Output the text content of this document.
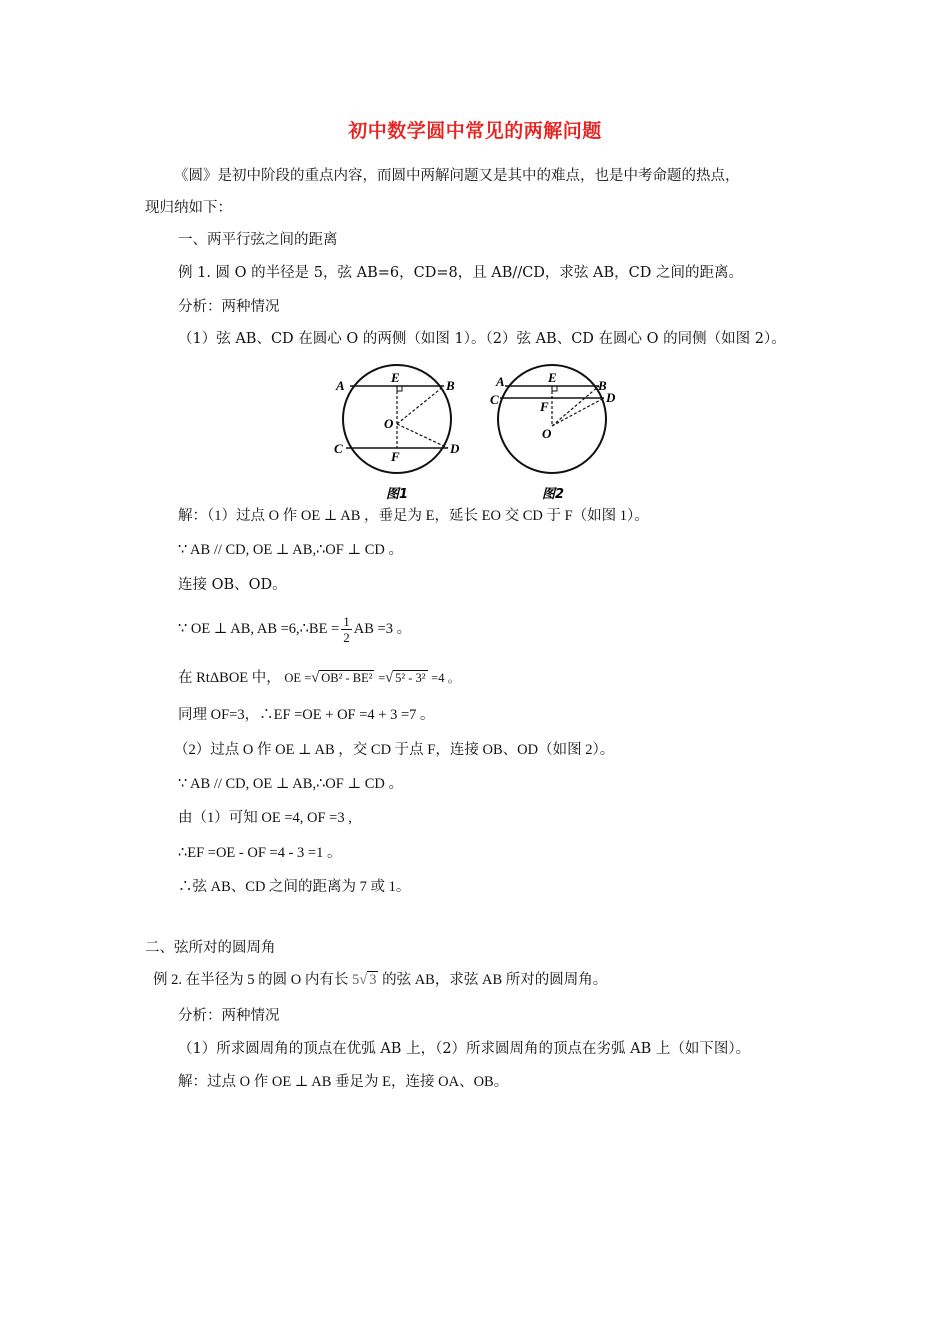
初中数学圆中常见的两解问题
《圆》是初中阶段的重点内容，而圆中两解问题又是其中的难点，也是中考命题的热点，
现归纳如下：
一、两平行弦之间的距离
例 1. 圆 O 的半径是 5，弦 AB=6，CD=8，且 AB//CD，求弦 AB，CD 之间的距离。
分析：两种情况
（1）弦 AB、CD 在圆心 O 的两侧（如图 1）。（2）弦 AB、CD 在圆心 O 的同侧（如图 2）。
A	B
C	D
E
F
O
图1
A	B
C	D
E
F
O
图2
解：（1）过点 O 作 OE ⊥ AB ，垂足为 E，延长 EO 交 CD 于 F（如图 1）。
∵ AB // CD, OE ⊥ AB,∴OF ⊥ CD 。
连接 OB、OD。
∵ OE ⊥ AB, AB =6,∴BE = $\frac{1}{2}$ AB =3 。
在 RtΔBOE 中， OE =√ OB² - BE² =√ 5² - 3² =4 。
同理 OF=3，∴EF =OE + OF =4 + 3 =7 。
（2）过点 O 作 OE ⊥ AB ，交 CD 于点 F，连接 OB、OD（如图 2）。
∵ AB // CD, OE ⊥ AB,∴OF ⊥ CD 。
由（1）可知 OE =4, OF =3 ,
∴EF =OE - OF =4 - 3 =1 。
∴弦 AB、CD 之间的距离为 7 或 1。
二、弦所对的圆周角
例 2. 在半径为 5 的圆 O 内有长 5√ 3 的弦 AB，求弦 AB 所对的圆周角。
分析：两种情况
（1）所求圆周角的顶点在优弧 AB 上，（2）所求圆周角的顶点在劣弧 AB 上（如下图）。
解：过点 O 作 OE ⊥ AB 垂足为 E，连接 OA、OB。
